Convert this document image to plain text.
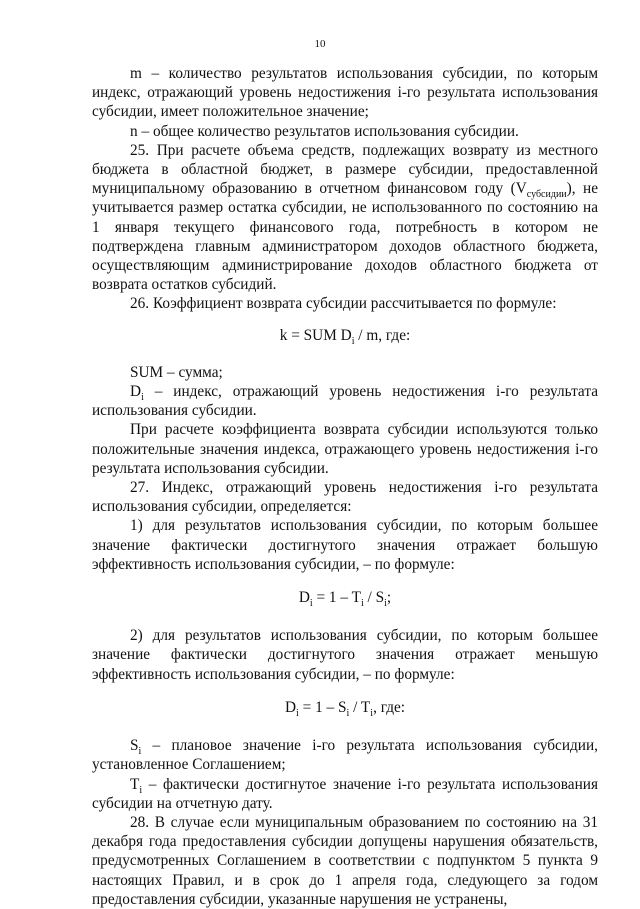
10

m – количество результатов использования субсидии, по которым индекс, отражающий уровень недостижения i-го результата использования субсидии, имеет положительное значение;

n – общее количество результатов использования субсидии.

25. При расчете объема средств, подлежащих возврату из местного бюджета в областной бюджет, в размере субсидии, предоставленной муниципальному образованию в отчетном финансовом году $(V_{субсидии})$, не учитывается размер остатка субсидии, не использованного по состоянию на 1 января текущего финансового года, потребность в котором не подтверждена главным администратором доходов областного бюджета, осуществляющим администрирование доходов областного бюджета от возврата остатков субсидий.

26. Коэффициент возврата субсидии рассчитывается по формуле:

k = SUM $D_i$ / m, где:

SUM – сумма;

$D_i$ – индекс, отражающий уровень недостижения i-го результата использования субсидии.

При расчете коэффициента возврата субсидии используются только положительные значения индекса, отражающего уровень недостижения i-го результата использования субсидии.

27. Индекс, отражающий уровень недостижения i-го результата использования субсидии, определяется:

1) для результатов использования субсидии, по которым большее значение фактически достигнутого значения отражает большую эффективность использования субсидии, – по формуле:

$D_i = 1 - T_i / S_i$;

2) для результатов использования субсидии, по которым большее значение фактически достигнутого значения отражает меньшую эффективность использования субсидии, – по формуле:

$D_i = 1 - S_i / T_i$, где:

$S_i$ – плановое значение i-го результата использования субсидии, установленное Соглашением;

$T_i$ – фактически достигнутое значение i-го результата использования субсидии на отчетную дату.

28. В случае если муниципальным образованием по состоянию на 31 декабря года предоставления субсидии допущены нарушения обязательств, предусмотренных Соглашением в соответствии с подпунктом 5 пункта 9 настоящих Правил, и в срок до 1 апреля года, следующего за годом предоставления субсидии, указанные нарушения не устранены,
